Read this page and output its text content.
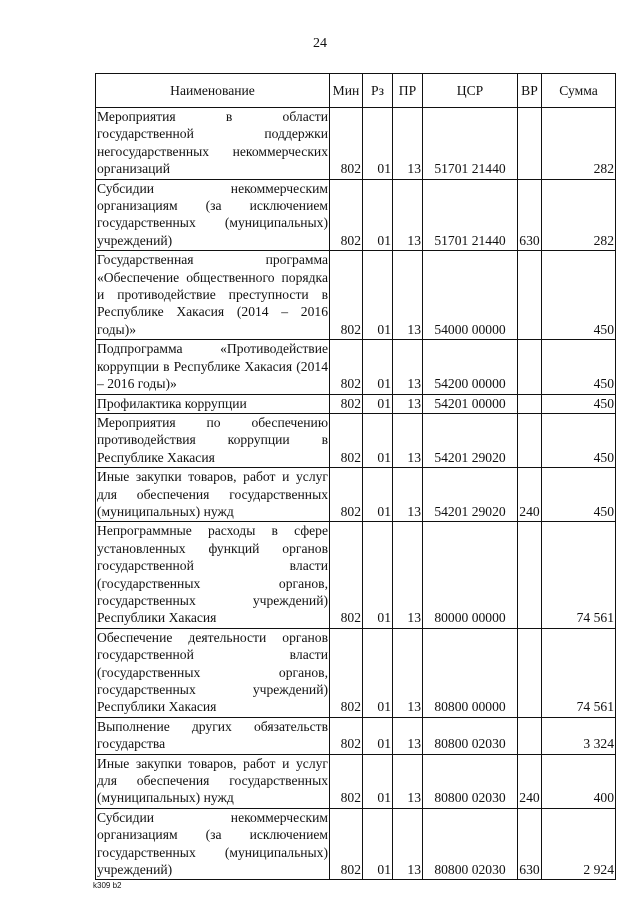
24
Наименование	Мин	Рз	ПР	ЦСР	ВР	Сумма
Мероприятия в области государственной поддержки негосударственных некоммерческих организаций	802	01	13	51701 21440		282
Субсидии некоммерческим организациям (за исключением государственных (муниципальных) учреждений)	802	01	13	51701 21440	630	282
Государственная программа «Обеспечение общественного порядка и противодействие преступности в Республике Хакасия (2014 – 2016 годы)»	802	01	13	54000 00000		450
Подпрограмма «Противодействие коррупции в Республике Хакасия (2014 – 2016 годы)»	802	01	13	54200 00000		450
Профилактика коррупции	802	01	13	54201 00000		450
Мероприятия по обеспечению противодействия коррупции в Республике Хакасия	802	01	13	54201 29020		450
Иные закупки товаров, работ и услуг для обеспечения государственных (муниципальных) нужд	802	01	13	54201 29020	240	450
Непрограммные расходы в сфере установленных функций органов государственной власти (государственных органов, государственных учреждений) Республики Хакасия	802	01	13	80000 00000		74 561
Обеспечение деятельности органов государственной власти (государственных органов, государственных учреждений) Республики Хакасия	802	01	13	80800 00000		74 561
Выполнение других обязательств государства	802	01	13	80800 02030		3 324
Иные закупки товаров, работ и услуг для обеспечения государственных (муниципальных) нужд	802	01	13	80800 02030	240	400
Субсидии некоммерческим организациям (за исключением государственных (муниципальных) учреждений)	802	01	13	80800 02030	630	2 924
k309 b2
